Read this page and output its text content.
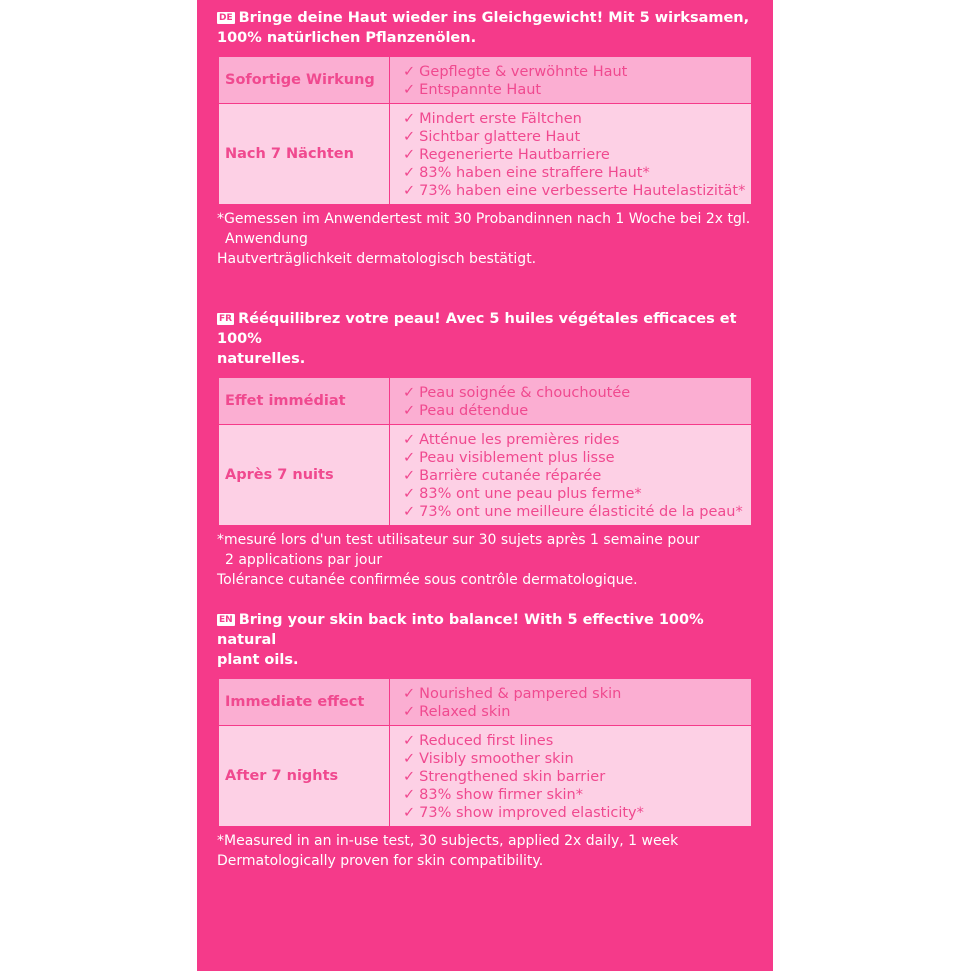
DE Bringe deine Haut wieder ins Gleichgewicht! Mit 5 wirksamen,
100% natürlichen Pflanzenölen.

Sofortige Wirkung	✓ Gepflegte & verwöhnte Haut
✓ Entspannte Haut

Nach 7 Nächten	✓ Mindert erste Fältchen
✓ Sichtbar glattere Haut
✓ Regenerierte Hautbarriere
✓ 83% haben eine straffere Haut*
✓ 73% haben eine verbesserte Hautelastizität*
*Gemessen im Anwendertest mit 30 Probandinnen nach 1 Woche bei 2x tgl.
Anwendung
Hautverträglichkeit dermatologisch bestätigt.

FR Rééquilibrez votre peau! Avec 5 huiles végétales efficaces et 100%
naturelles.

Effet immédiat	✓ Peau soignée & chouchoutée
✓ Peau détendue

Après 7 nuits	✓ Atténue les premières rides
✓ Peau visiblement plus lisse
✓ Barrière cutanée réparée
✓ 83% ont une peau plus ferme*
✓ 73% ont une meilleure élasticité de la peau*
*mesuré lors d'un test utilisateur sur 30 sujets après 1 semaine pour
2 applications par jour
Tolérance cutanée confirmée sous contrôle dermatologique.

EN Bring your skin back into balance! With 5 effective 100% natural
plant oils.

Immediate effect	✓ Nourished & pampered skin
✓ Relaxed skin

After 7 nights	✓ Reduced first lines
✓ Visibly smoother skin
✓ Strengthened skin barrier
✓ 83% show firmer skin*
✓ 73% show improved elasticity*
*Measured in an in-use test, 30 subjects, applied 2x daily, 1 week
Dermatologically proven for skin compatibility.
